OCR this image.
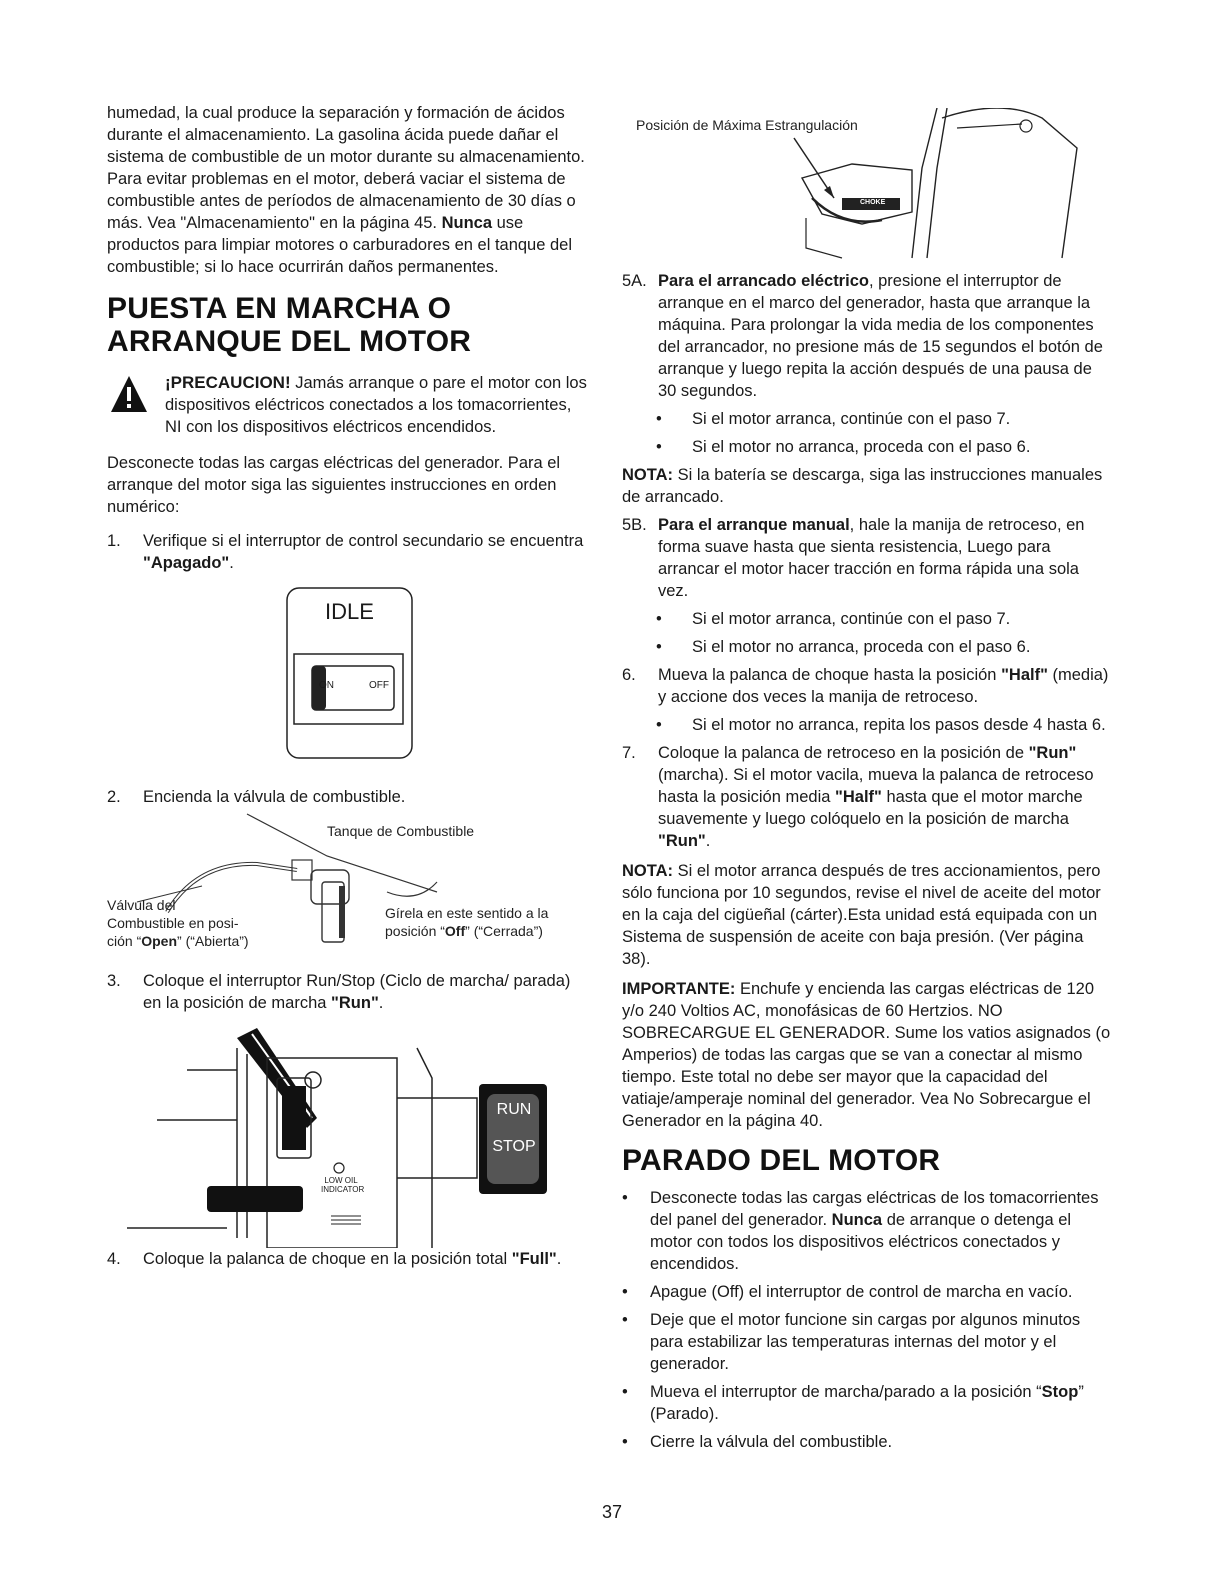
humedad, la cual produce la separación y formación de ácidos durante el almacenamiento. La gasolina ácida puede dañar el sistema de combustible de un motor durante su almacenamiento. Para evitar problemas en el motor, deberá vaciar el sistema de combustible antes de períodos de almacenamiento de 30 días o más. Vea "Almacenamiento" en la página 45. Nunca use productos para limpiar motores o carburadores en el tanque del combustible; si lo hace ocurrirán daños permanentes.

PUESTA EN MARCHA O ARRANQUE DEL MOTOR
¡PRECAUCION! Jamás arranque o pare el motor con los dispositivos eléctricos conectados a los tomacorrientes, NI con los dispositivos eléctricos encendidos.

Desconecte todas las cargas eléctricas del generador. Para el arranque del motor siga las siguientes instrucciones en orden numérico:

1. Verifique si el interruptor de control secundario se encuentra "Apagado".
IDLE
ON	OFF
2. Encienda la válvula de combustible.
Tanque de Combustible
Válvula del
Combustible en posi-
ción “Open” (“Abierta”)
Gírela en este sentido a la
posición “Off” (“Cerrada”)
3. Coloque el interruptor Run/Stop (Ciclo de marcha/ parada) en la posición de marcha "Run".
RUN
STOP
LOW OIL
INDICATOR
4. Coloque la palanca de choque en la posición total "Full".
Posición de Máxima Estrangulación
CHOKE
5A. Para el arrancado eléctrico, presione el interruptor de arranque en el marco del generador, hasta que arranque la máquina. Para prolongar la vida media de los componentes del arrancador, no presione más de 15 segundos el botón de arranque y luego repita la acción después de una pausa de 30 segundos.
• Si el motor arranca, continúe con el paso 7.
• Si el motor no arranca, proceda con el paso 6.

NOTA: Si la batería se descarga, siga las instrucciones manuales de arrancado.

5B. Para el arranque manual, hale la manija de retroceso, en forma suave hasta que sienta resistencia, Luego para arrancar el motor hacer tracción en forma rápida una sola vez.
• Si el motor arranca, continúe con el paso 7.
• Si el motor no arranca, proceda con el paso 6.
6. Mueva la palanca de choque hasta la posición "Half" (media) y accione dos veces la manija de retroceso.
• Si el motor no arranca, repita los pasos desde 4 hasta 6.
7. Coloque la palanca de retroceso en la posición de "Run" (marcha). Si el motor vacila, mueva la palanca de retroceso hasta la posición media "Half" hasta que el motor marche suavemente y luego colóquelo en la posición de marcha "Run".

NOTA: Si el motor arranca después de tres accionamientos, pero sólo funciona por 10 segundos, revise el nivel de aceite del motor en la caja del cigüeñal (cárter).Esta unidad está equipada con un Sistema de suspensión de aceite con baja presión. (Ver página 38).

IMPORTANTE: Enchufe y encienda las cargas eléctricas de 120 y/o 240 Voltios AC, monofásicas de 60 Hertzios. NO SOBRECARGUE EL GENERADOR. Sume los vatios asignados (o Amperios) de todas las cargas que se van a conectar al mismo tiempo. Este total no debe ser mayor que la capacidad del vatiaje/amperaje nominal del generador. Vea No Sobrecargue el Generador en la página 40.

PARADO DEL MOTOR
• Desconecte todas las cargas eléctricas de los tomacorrientes del panel del generador. Nunca de arranque o detenga el motor con todos los dispositivos eléctricos conectados y encendidos.
• Apague (Off) el interruptor de control de marcha en vacío.
• Deje que el motor funcione sin cargas por algunos minutos para estabilizar las temperaturas internas del motor y el generador.
• Mueva el interruptor de marcha/parado a la posición “Stop” (Parado).
• Cierre la válvula del combustible.
37
